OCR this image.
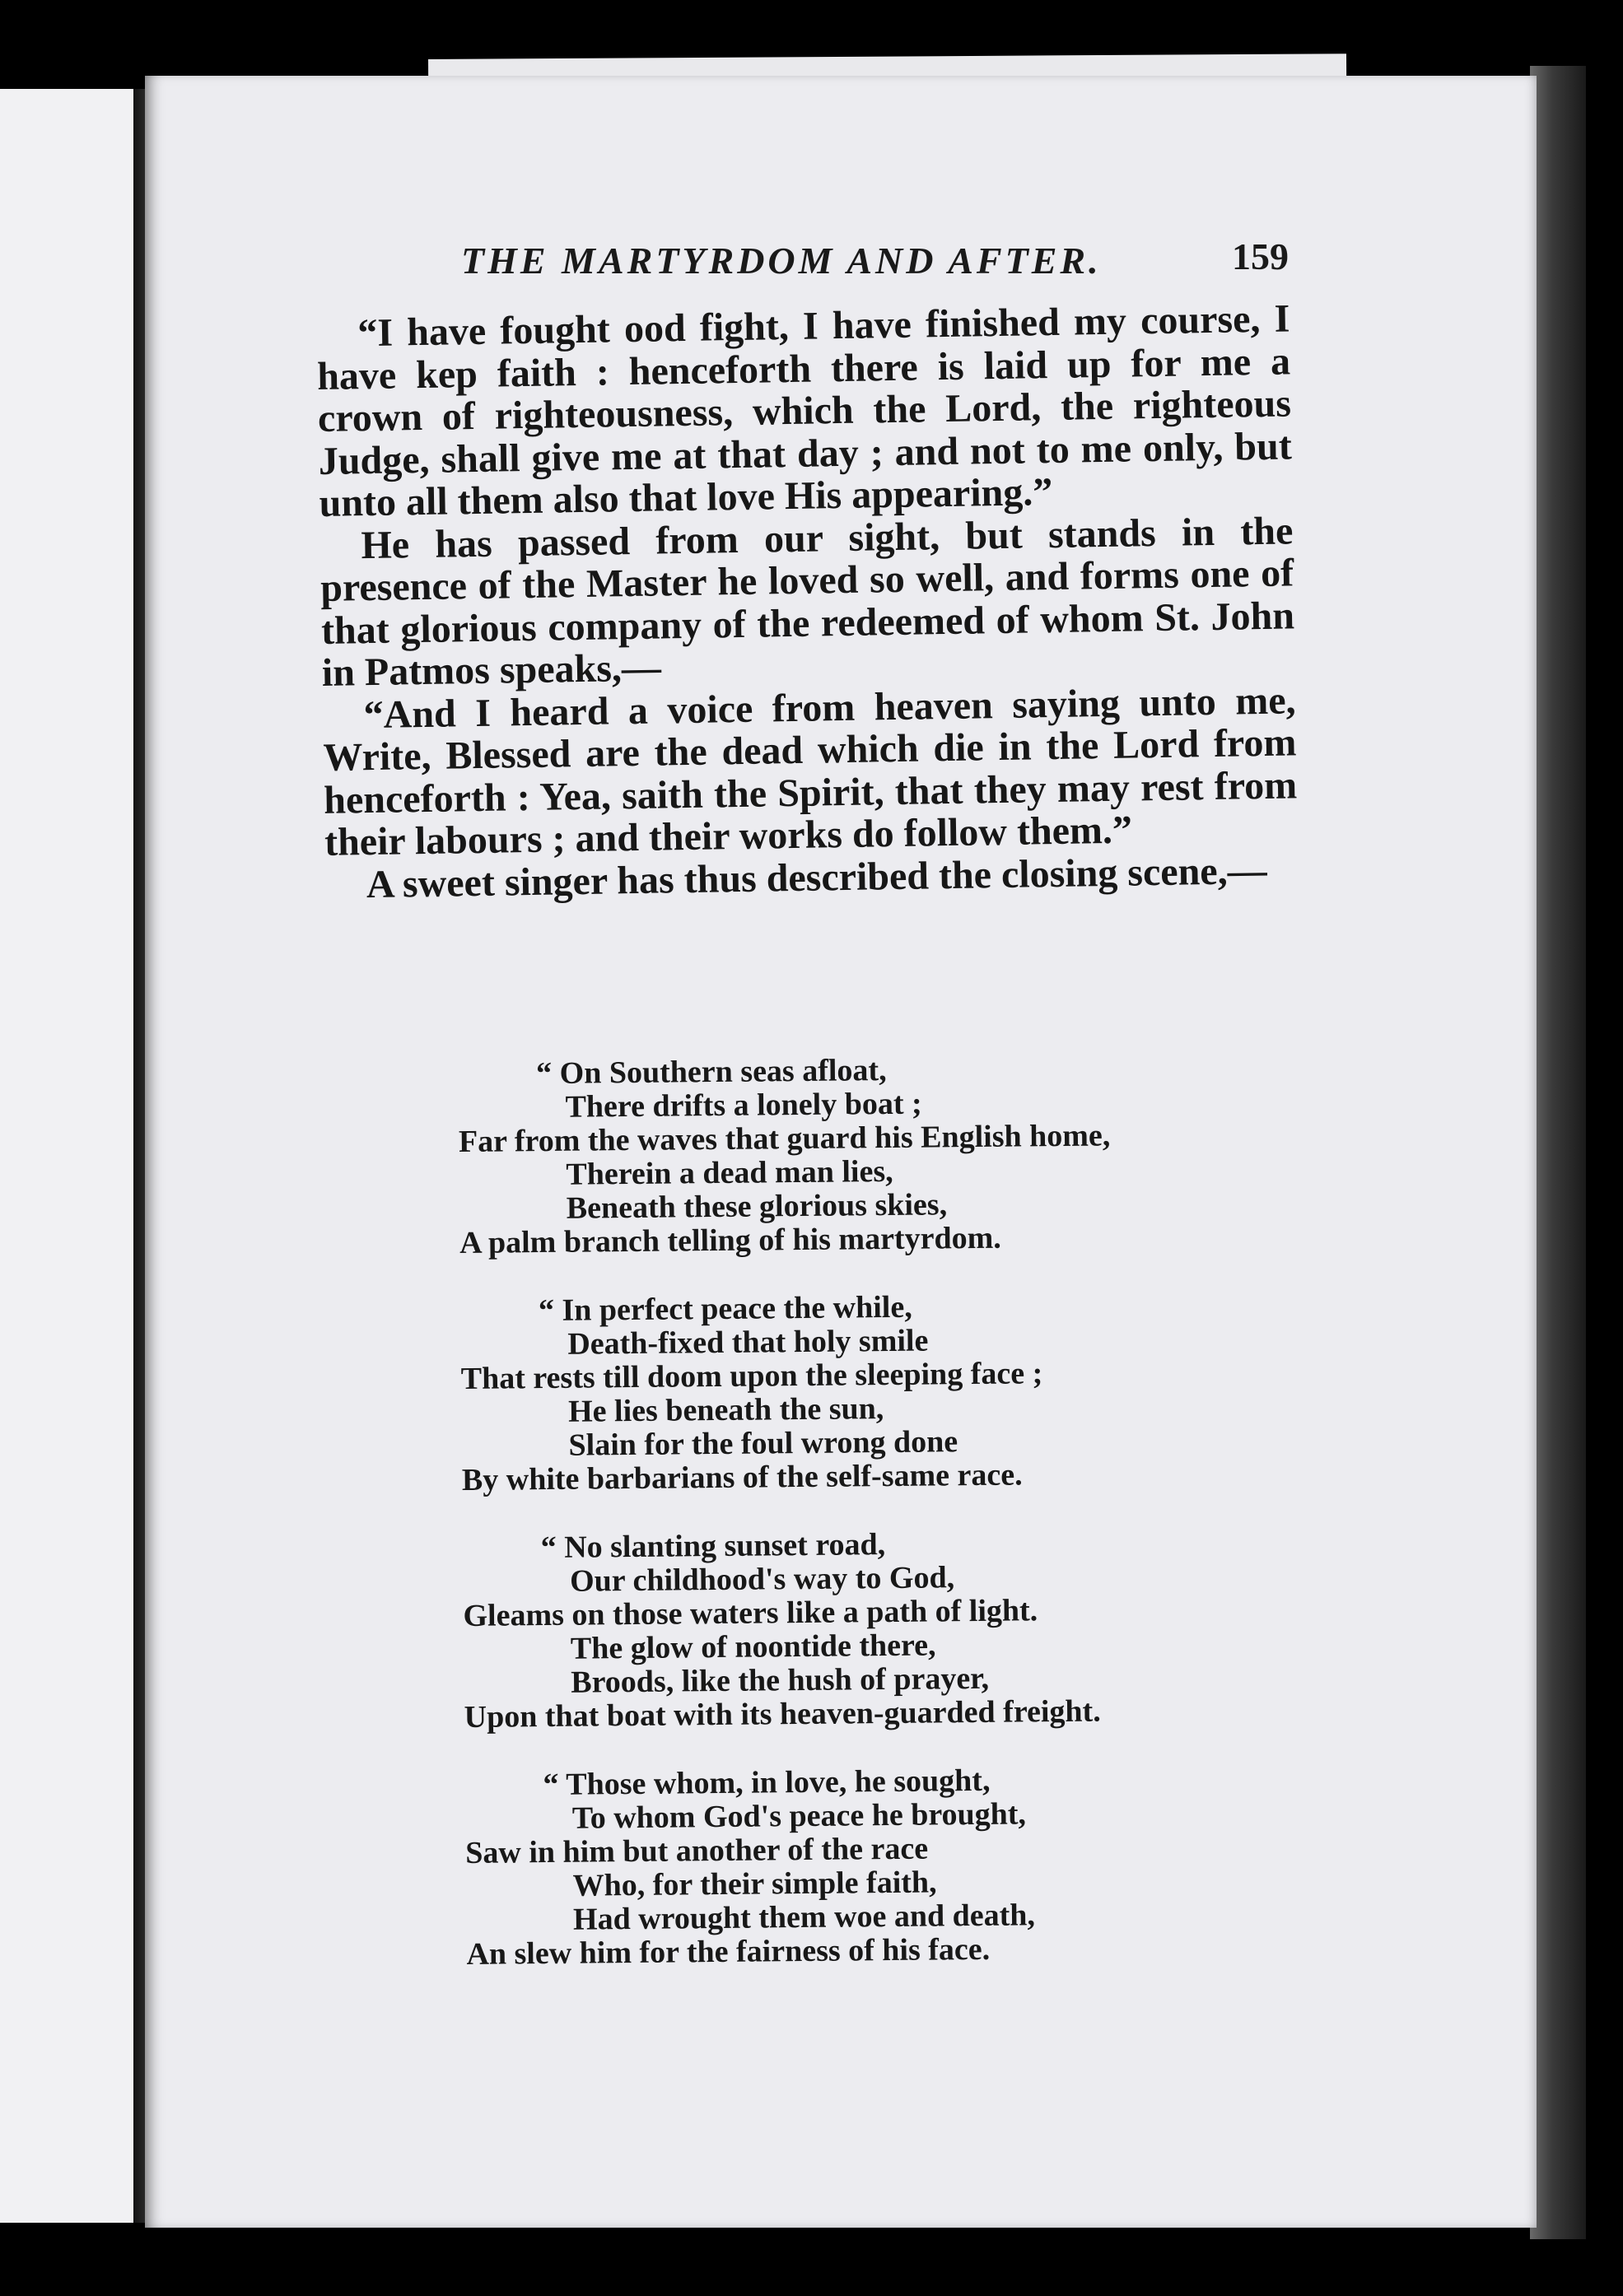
THE MARTYRDOM AND AFTER.	159

“I have fought ood fight, I have finished my course, I have kep faith : henceforth there is laid up for me a crown of righteousness, which the Lord, the righteous Judge, shall give me at that day ; and not to me only, but unto all them also that love His appearing.”

He has passed from our sight, but stands in the presence of the Master he loved so well, and forms one of that glorious company of the redeemed of whom St. John in Patmos speaks,—

“And I heard a voice from heaven saying unto me, Write, Blessed are the dead which die in the Lord from henceforth : Yea, saith the Spirit, that they may rest from their labours ; and their works do follow them.”

A sweet singer has thus described the closing scene,—

“ On Southern seas afloat,
There drifts a lonely boat ;
Far from the waves that guard his English home,
Therein a dead man lies,
Beneath these glorious skies,
A palm branch telling of his martyrdom.
“ In perfect peace the while,
Death-fixed that holy smile
That rests till doom upon the sleeping face ;
He lies beneath the sun,
Slain for the foul wrong done
By white barbarians of the self-same race.
“ No slanting sunset road,
Our childhood's way to God,
Gleams on those waters like a path of light.
The glow of noontide there,
Broods, like the hush of prayer,
Upon that boat with its heaven-guarded freight.
“ Those whom, in love, he sought,
To whom God's peace he brought,
Saw in him but another of the race
Who, for their simple faith,
Had wrought them woe and death,
An slew him for the fairness of his face.
